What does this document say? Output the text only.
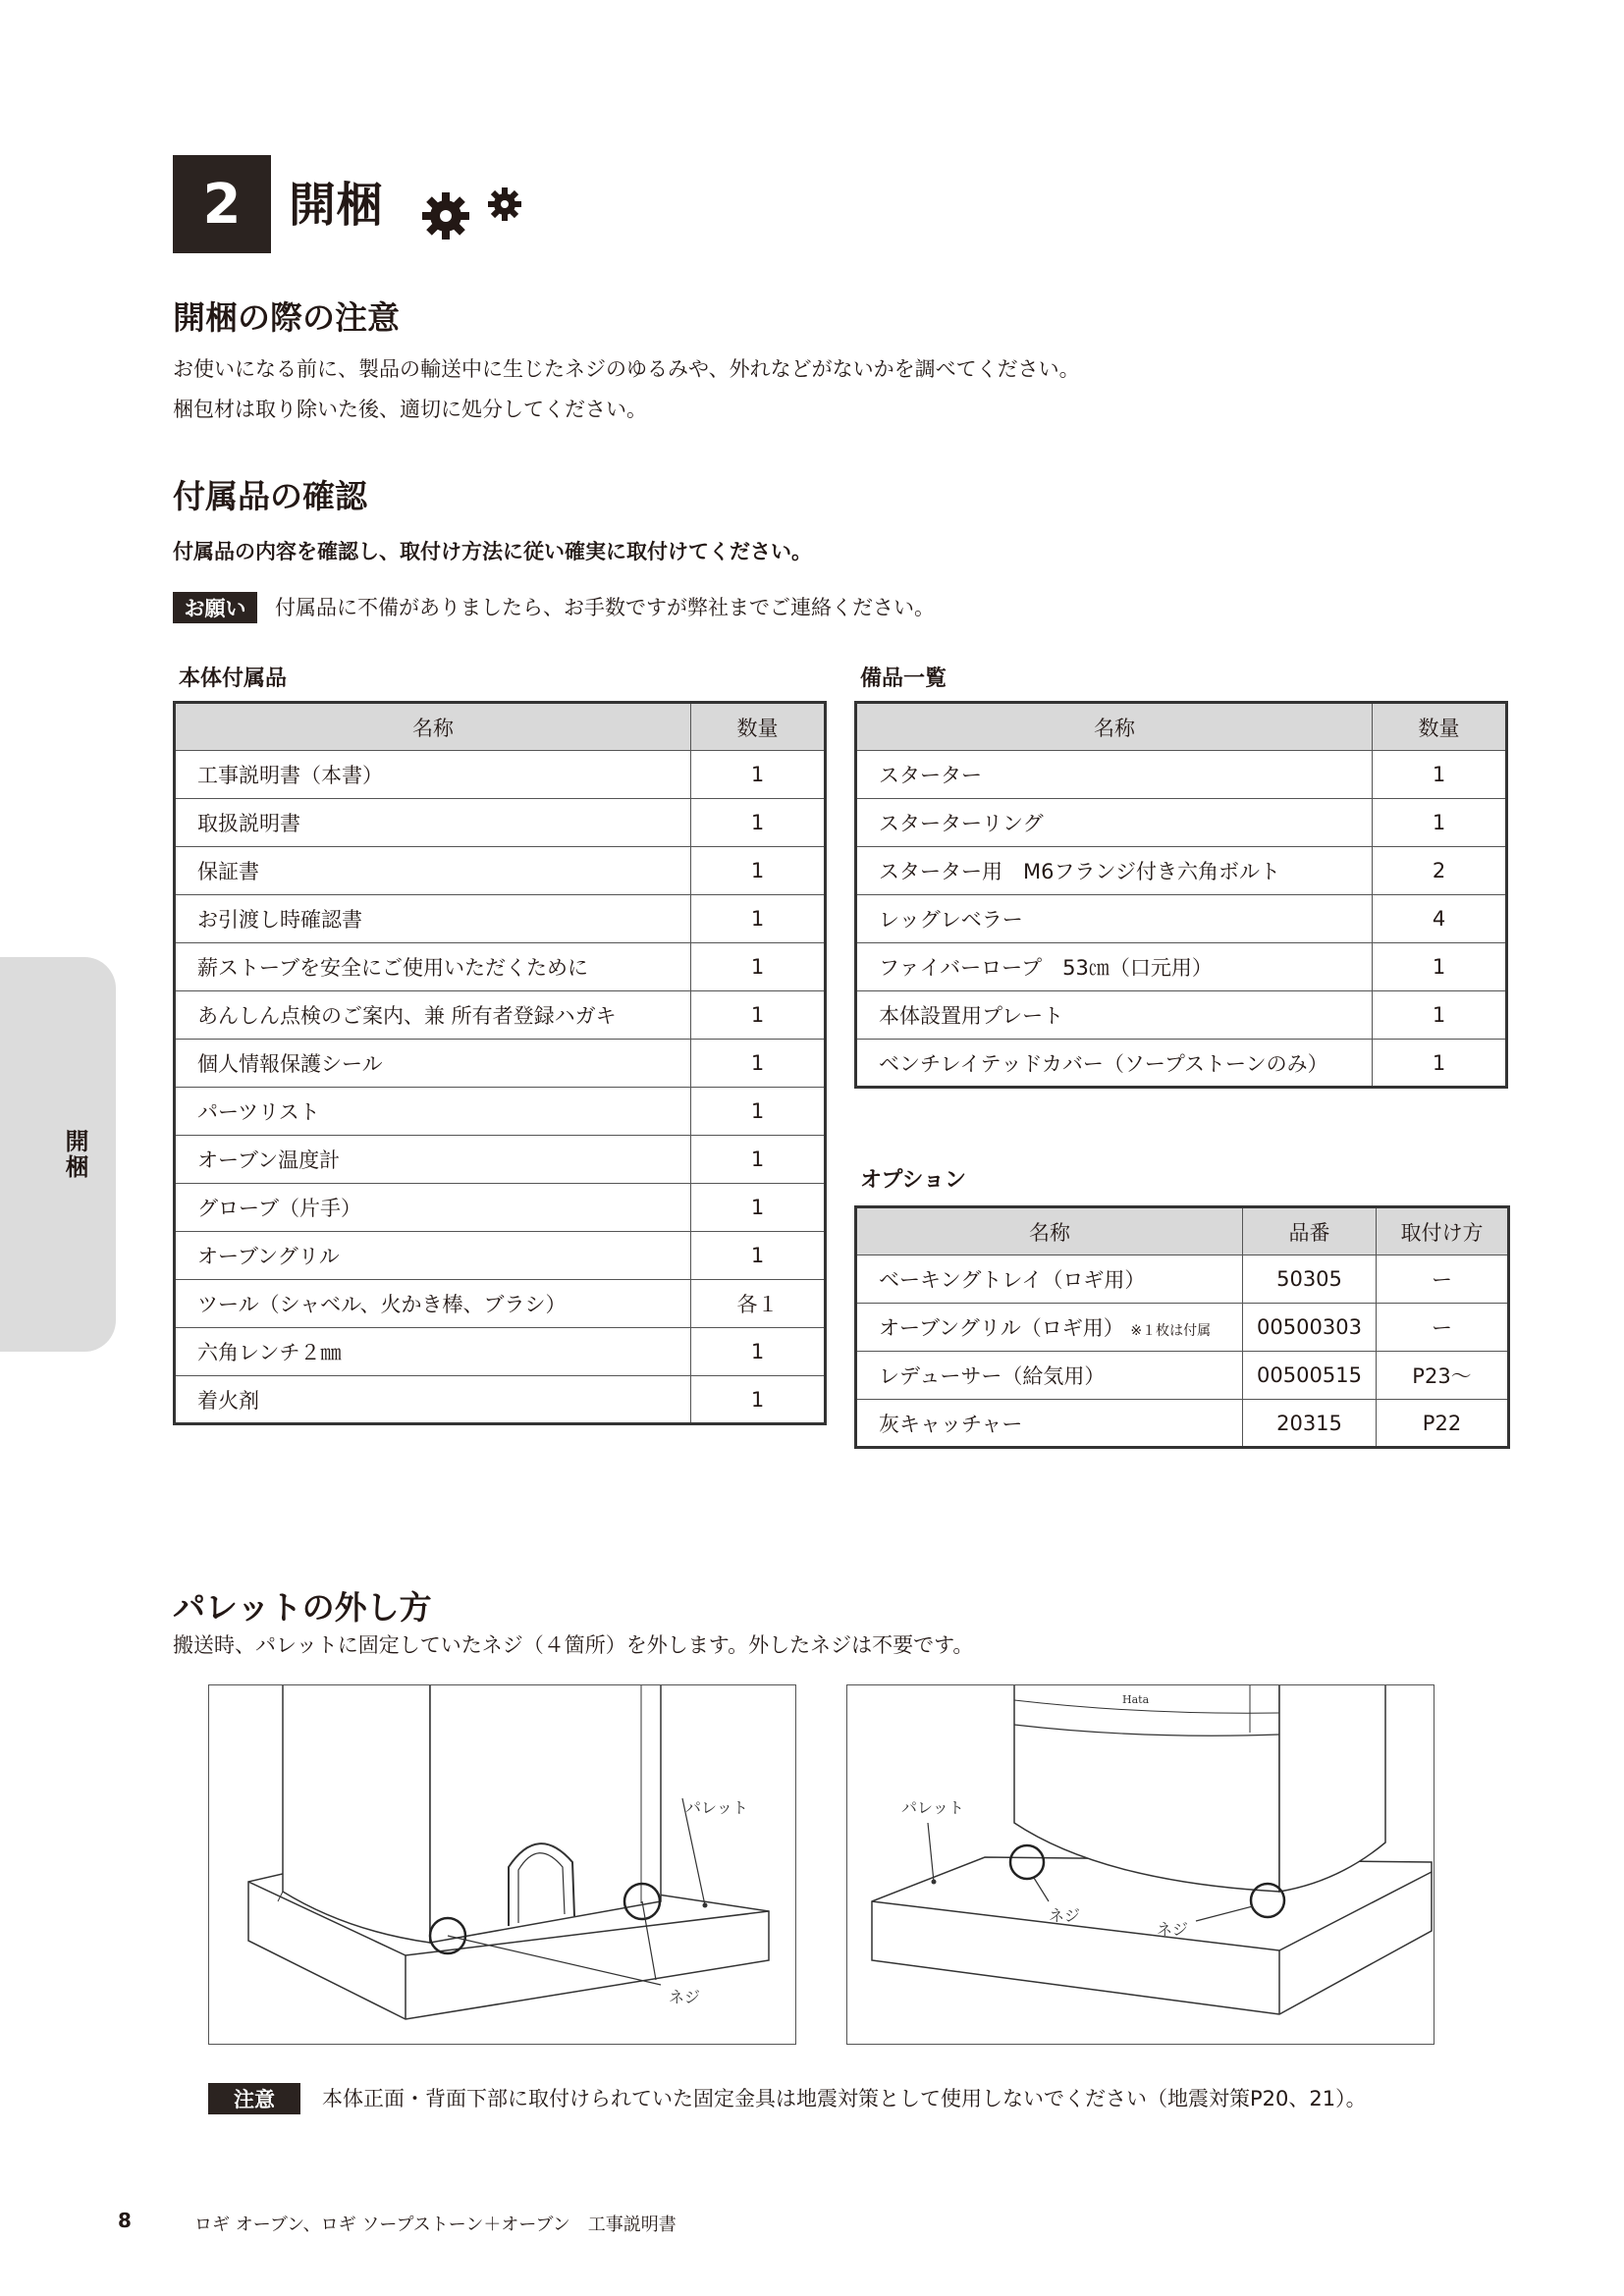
2	開梱
開梱
開梱の際の注意
お使いになる前に、製品の輸送中に生じたネジのゆるみや、外れなどがないかを調べてください。
梱包材は取り除いた後、適切に処分してください。
付属品の確認
付属品の内容を確認し、取付け方法に従い確実に取付けてください。
お願い	付属品に不備がありましたら、お手数ですが弊社までご連絡ください。
本体付属品
名称	数量
工事説明書（本書）	1
取扱説明書	1
保証書	1
お引渡し時確認書	1
薪ストーブを安全にご使用いただくために	1
あんしん点検のご案内、兼 所有者登録ハガキ	1
個人情報保護シール	1
パーツリスト	1
オーブン温度計	1
グローブ（片手）	1
オーブングリル	1
ツール（シャベル、火かき棒、ブラシ）	各１
六角レンチ２㎜	1
着火剤	1
備品一覧
名称	数量
スターター	1
スターターリング	1
スターター用　M6フランジ付き六角ボルト	2
レッグレベラー	4
ファイバーロープ　53㎝（口元用）	1
本体設置用プレート	1
ベンチレイテッドカバー（ソープストーンのみ）	1
オプション
名称	品番	取付け方
ベーキングトレイ（ロギ用）	50305	ー
オーブングリル（ロギ用） ※１枚は付属	00500303	ー
レデューサー（給気用）	00500515	P23〜
灰キャッチャー	20315	P22
パレットの外し方
搬送時、パレットに固定していたネジ（４箇所）を外します。外したネジは不要です。
パレット
ネジ
Hata
パレット
ネジ
ネジ
注意	本体正面・背面下部に取付けられていた固定金具は地震対策として使用しないでください（地震対策P20、21）。
8	ロギ オーブン、ロギ ソープストーン＋オーブン　工事説明書
